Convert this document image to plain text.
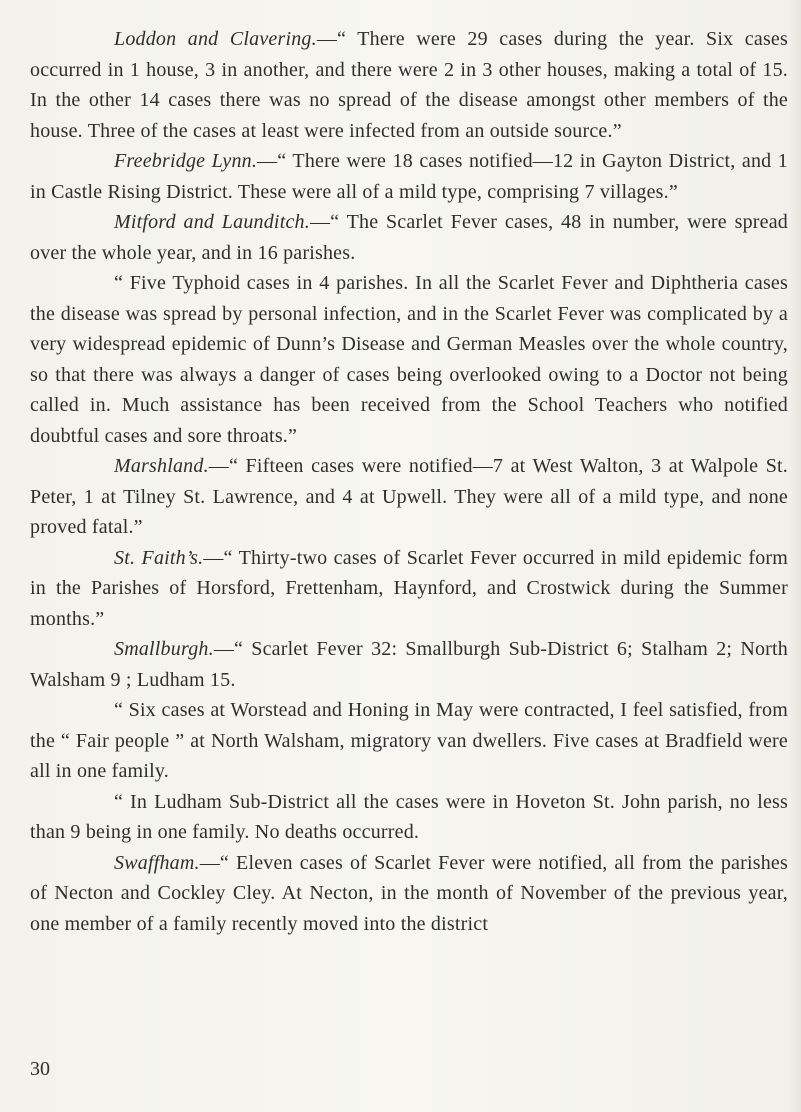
Loddon and Clavering.—“ There were 29 cases during the year. Six cases occurred in 1 house, 3 in another, and there were 2 in 3 other houses, making a total of 15. In the other 14 cases there was no spread of the disease amongst other members of the house. Three of the cases at least were infected from an outside source.”

Freebridge Lynn.—“ There were 18 cases notified—12 in Gayton District, and 1 in Castle Rising District. These were all of a mild type, comprising 7 villages.”

Mitford and Launditch.—“ The Scarlet Fever cases, 48 in number, were spread over the whole year, and in 16 parishes.

“ Five Typhoid cases in 4 parishes. In all the Scarlet Fever and Diphtheria cases the disease was spread by personal infection, and in the Scarlet Fever was complicated by a very widespread epidemic of Dunn’s Disease and German Measles over the whole country, so that there was always a danger of cases being overlooked owing to a Doctor not being called in. Much assistance has been received from the School Teachers who notified doubtful cases and sore throats.”

Marshland.—“ Fifteen cases were notified—7 at West Walton, 3 at Walpole St. Peter, 1 at Tilney St. Lawrence, and 4 at Upwell. They were all of a mild type, and none proved fatal.”

St. Faith’s.—“ Thirty-two cases of Scarlet Fever occurred in mild epidemic form in the Parishes of Horsford, Frettenham, Haynford, and Crostwick during the Summer months.”

Smallburgh.—“ Scarlet Fever 32: Smallburgh Sub-District 6; Stalham 2; North Walsham 9 ; Ludham 15.

“ Six cases at Worstead and Honing in May were contracted, I feel satisfied, from the “ Fair people ” at North Walsham, migratory van dwellers. Five cases at Bradfield were all in one family.

“ In Ludham Sub-District all the cases were in Hoveton St. John parish, no less than 9 being in one family. No deaths occurred.

Swaffham.—“ Eleven cases of Scarlet Fever were notified, all from the parishes of Necton and Cockley Cley. At Necton, in the month of November of the previous year, one member of a family recently moved into the district

30
